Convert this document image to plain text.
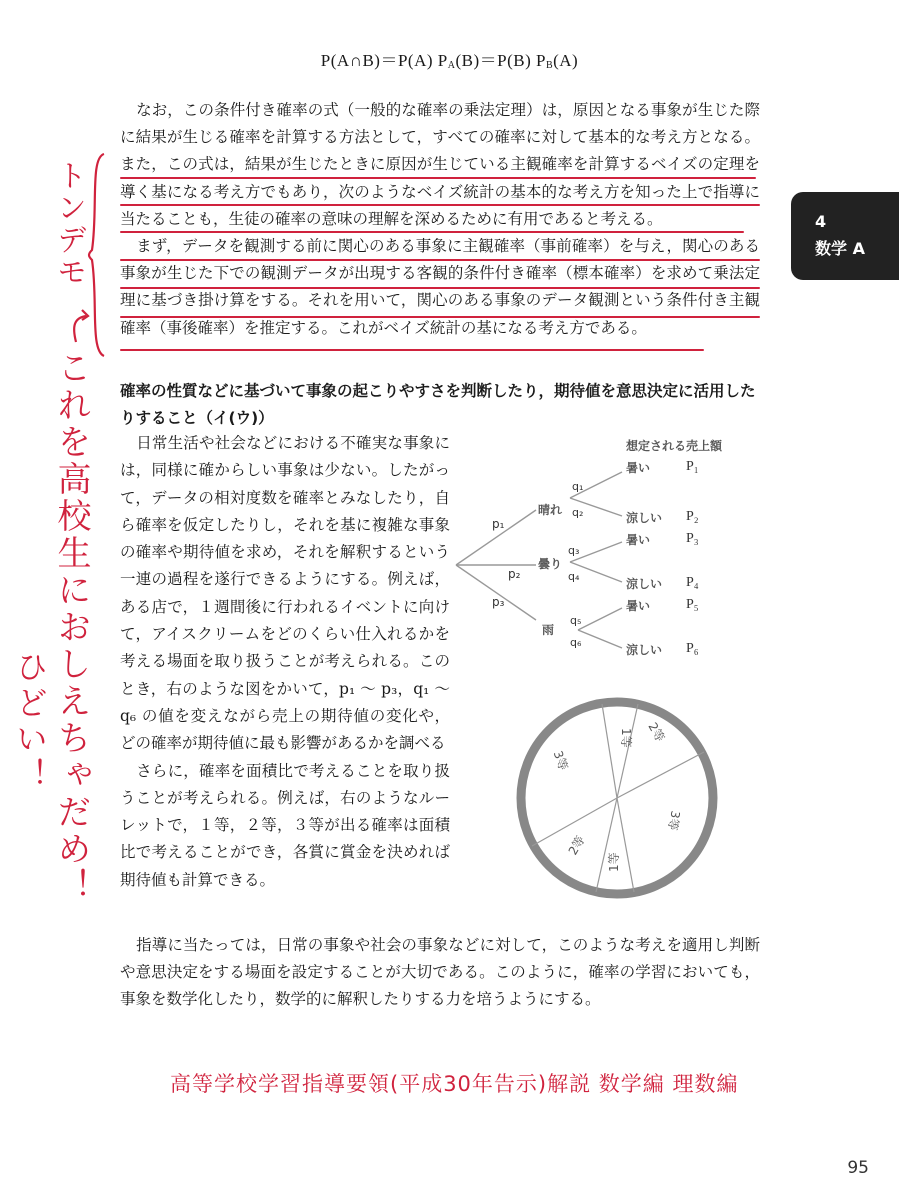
P(A∩B)＝P(A) $P_A(B)=P(B)$ $P_B(A)$

なお，この条件付き確率の式（一般的な確率の乗法定理）は，原因となる事象が生じた際に結果が生じる確率を計算する方法として，すべての確率に対して基本的な考え方となる。また，この式は，結果が生じたときに原因が生じている主観確率を計算するベイズの定理を導く基になる考え方でもあり，次のようなベイズ統計の基本的な考え方を知った上で指導に当たることも，生徒の確率の意味の理解を深めるために有用であると考える。

まず，データを観測する前に関心のある事象に主観確率（事前確率）を与え，関心のある事象が生じた下での観測データが出現する客観的条件付き確率（標本確率）を求めて乗法定理に基づき掛け算をする。それを用いて，関心のある事象のデータ観測という条件付き主観確率（事後確率）を推定する。これがベイズ統計の基になる考え方である。

確率の性質などに基づいて事象の起こりやすさを判断したり，期待値を意思決定に活用したりすること（イ(ウ)）

日常生活や社会などにおける不確実な事象には，同様に確からしい事象は少ない。したがって，データの相対度数を確率とみなしたり，自ら確率を仮定したりし，それを基に複雑な事象の確率や期待値を求め，それを解釈するという一連の過程を遂行できるようにする。例えば，ある店で，１週間後に行われるイベントに向けて，アイスクリームをどのくらい仕入れるかを考える場面を取り扱うことが考えられる。このとき，右のような図をかいて，p₁ ～ p₃，q₁ ～ q₆ の値を変えながら売上の期待値の変化や，どの確率が期待値に最も影響があるかを調べる
さらに，確率を面積比で考えることを取り扱うことが考えられる。例えば，右のようなルーレットで，１等，２等，３等が出る確率は面積比で考えることができ，各賞に賞金を決めれば期待値も計算できる。

指導に当たっては，日常の事象や社会の事象などに対して，このような考えを適用し判断や意思決定をする場面を設定することが大切である。このように，確率の学習においても，事象を数学化したり，数学的に解釈したりする力を培うようにする。

想定される売上額
p₁
p₂
p₃
晴れ
曇り
雨
q₁
q₂
q₃
q₄
q₅
q₆
暑い
涼しい
暑い
涼しい
暑い
涼しい
P₁
P₂
P₃
P₄
P₅
P₆
1等 2等
3等
1等
2等
3等
4
数学 A
トンデモ
これを高校生におしえちゃだめ！
ひどい！
高等学校学習指導要領(平成30年告示)解説 数学編 理数編
95
